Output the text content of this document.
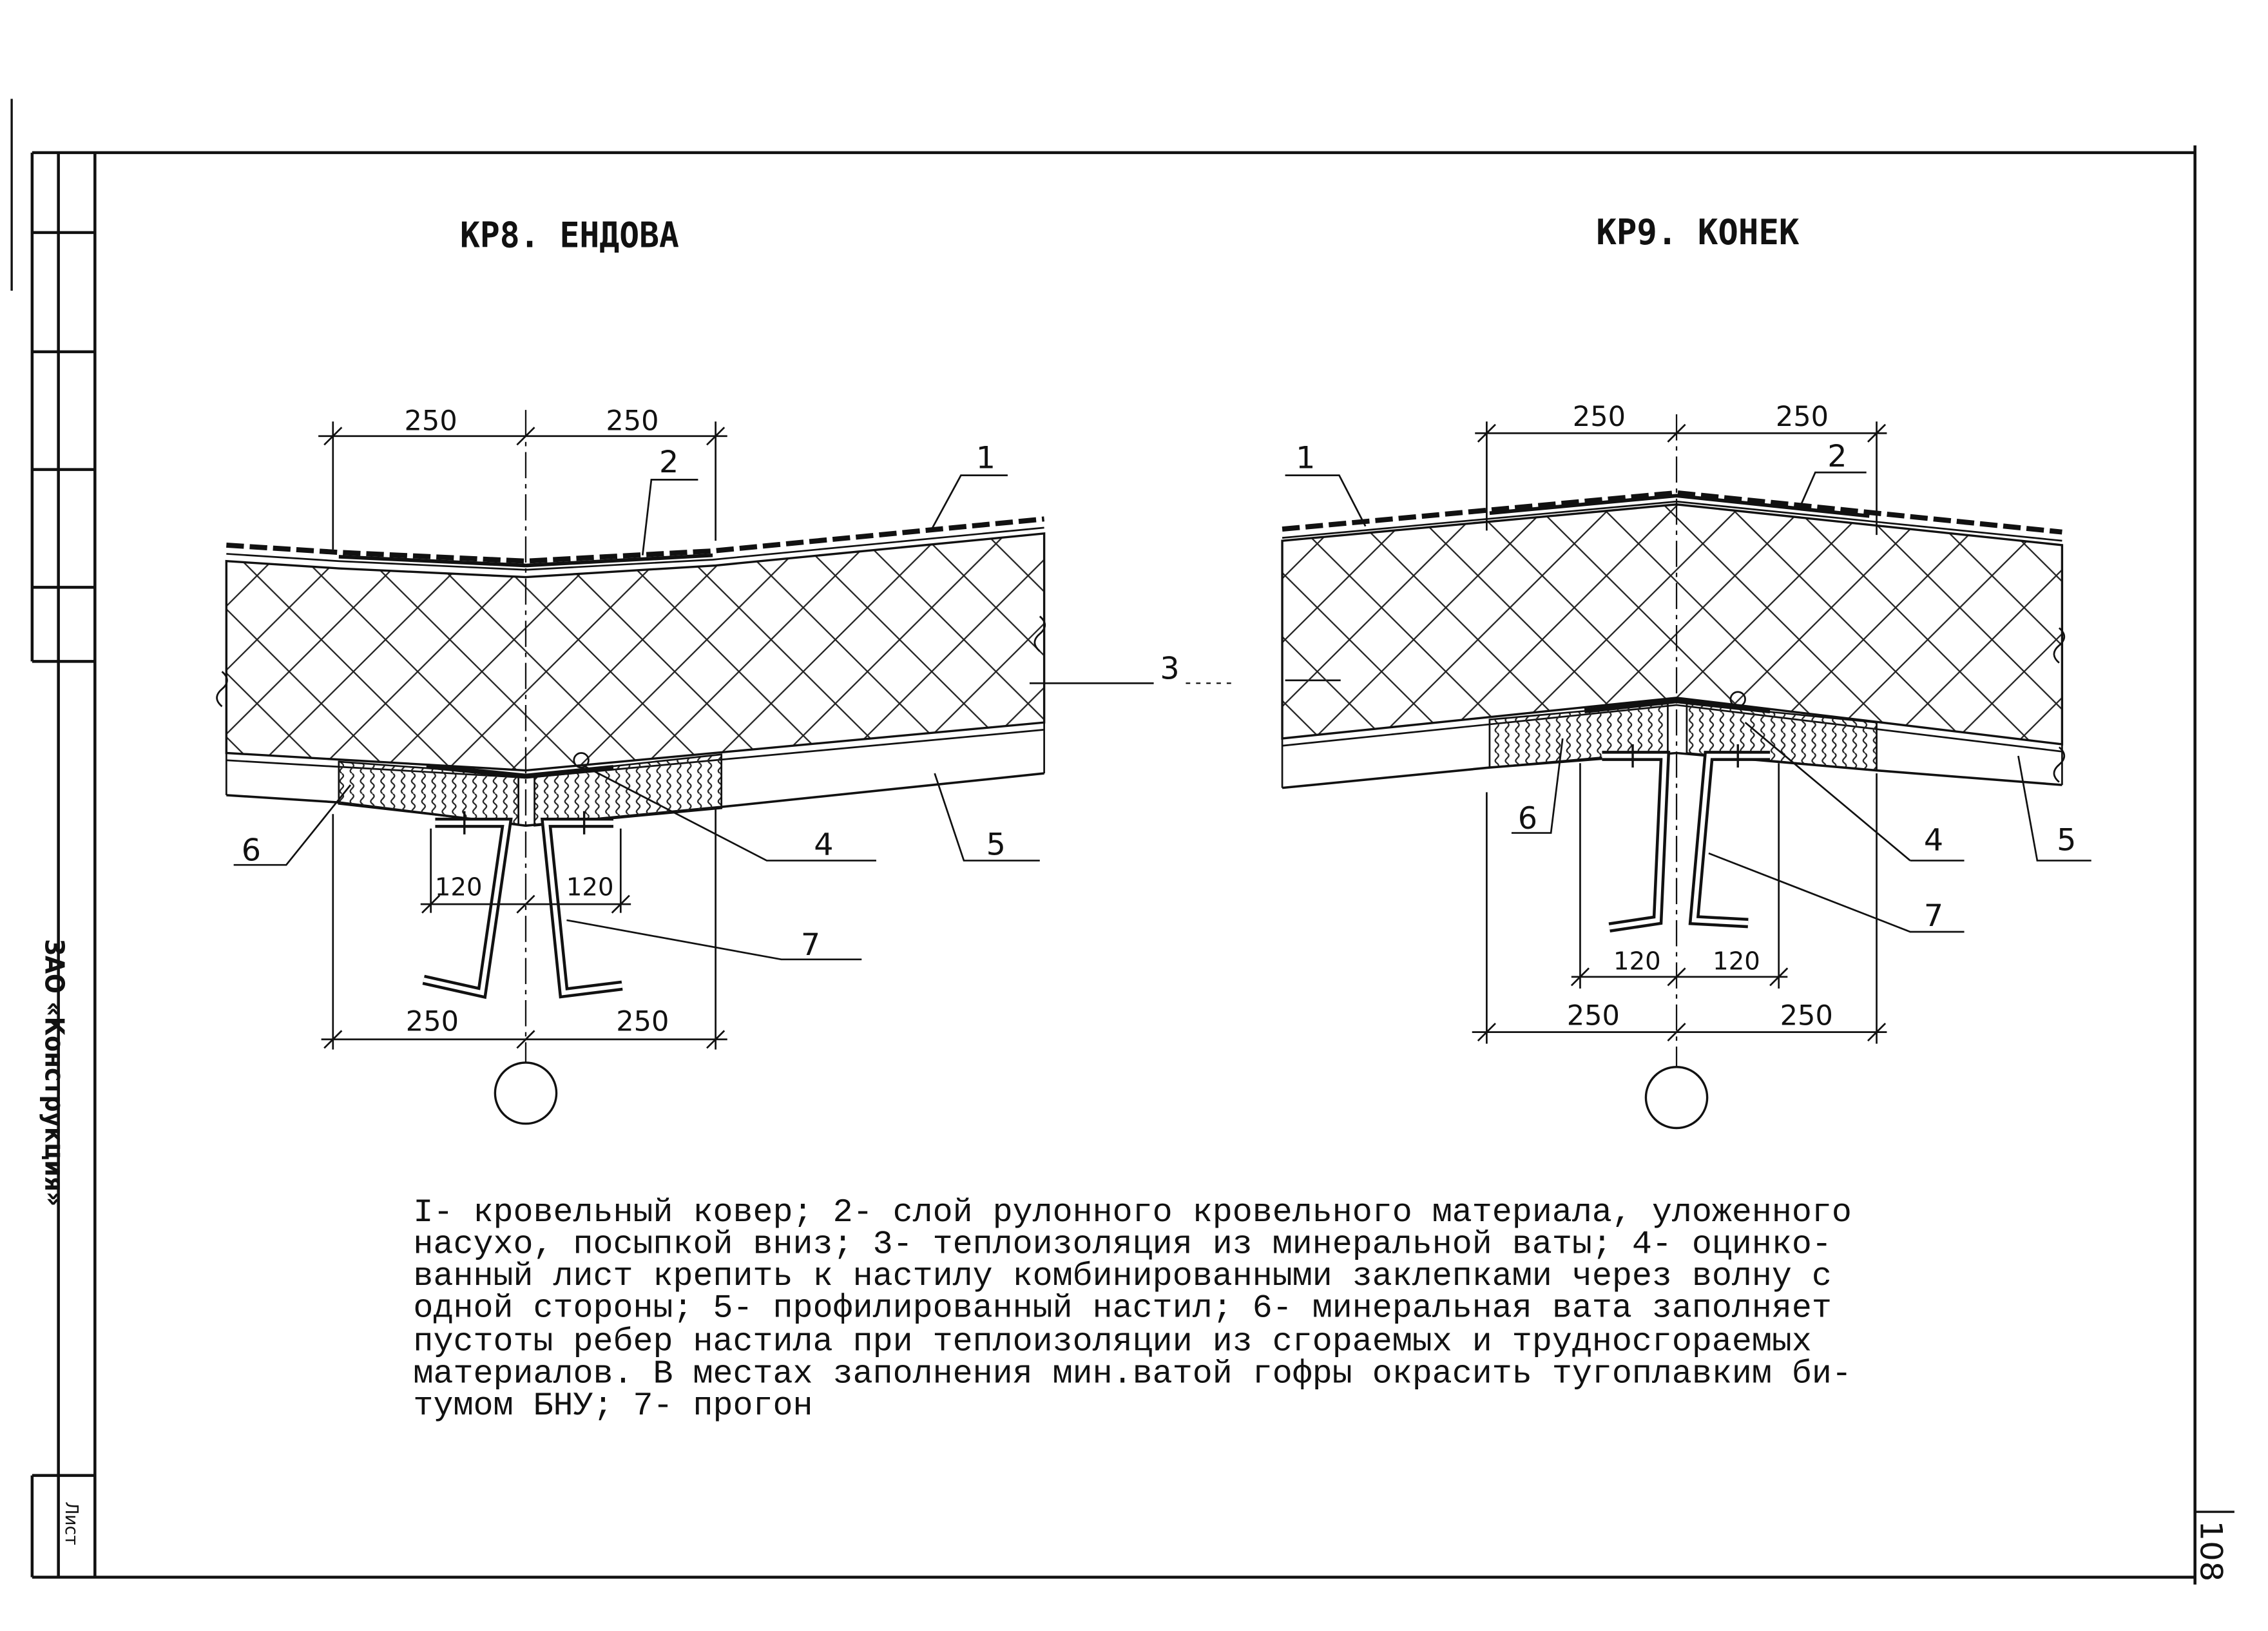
ЗАО «Конструкция»
Лист	108
КР8. ЕНДОВА
250	250
120	120
250	250
1
2
3
4	5
6
7
КР9. КОНЕК
250	250
120	120
250	250
1	2
4	5
6
7
I- кровельный ковер; 2- слой рулонного кровельного материала, уложенного
насухо, посыпкой вниз; 3- теплоизоляция из минеральной ваты; 4- оцинко-
ванный лист крепить к настилу комбинированными заклепками через волну с
одной стороны; 5- профилированный настил; 6- минеральная вата заполняет
пустоты ребер настила при теплоизоляции из сгораемых и трудносгораемых
материалов. В местах заполнения мин.ватой гофры окрасить тугоплавким би-
тумом БНУ; 7- прогон
